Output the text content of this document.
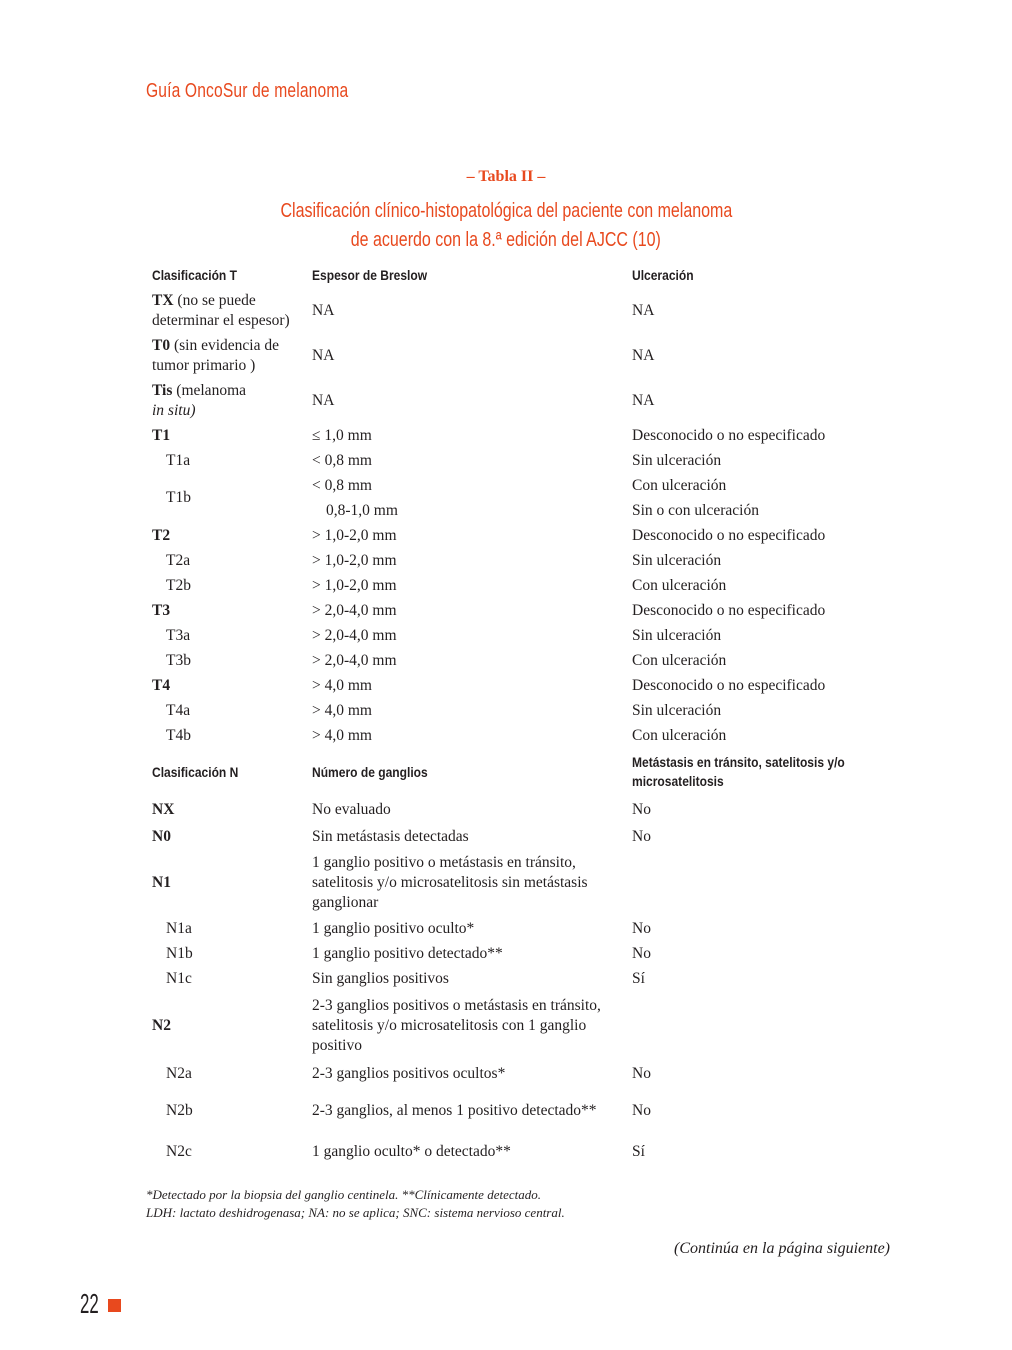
Guía OncoSur de melanoma
– Tabla II –
Clasificación clínico-histopatológica del paciente con melanoma
de acuerdo con la 8.ª edición del AJCC (10)
Clasificación T	Espesor de Breslow	Ulceración
TX (no se puede determinar el espesor)	NA	NA
T0 (sin evidencia de tumor primario )	NA	NA
Tis (melanoma
in situ)	NA	NA
T1	≤ 1,0 mm	Desconocido o no especificado
T1a	< 0,8 mm	Sin ulceración
T1b	< 0,8 mm	Con ulceración
	0,8-1,0 mm	Sin o con ulceración
T2	> 1,0-2,0 mm	Desconocido o no especificado
T2a	> 1,0-2,0 mm	Sin ulceración
T2b	> 1,0-2,0 mm	Con ulceración
T3	> 2,0-4,0 mm	Desconocido o no especificado
T3a	> 2,0-4,0 mm	Sin ulceración
T3b	> 2,0-4,0 mm	Con ulceración
T4	> 4,0 mm	Desconocido o no especificado
T4a	> 4,0 mm	Sin ulceración
T4b	> 4,0 mm	Con ulceración
Clasificación N	Número de ganglios	Metástasis en tránsito, satelitosis y/o microsatelitosis
NX	No evaluado	No
N0	Sin metástasis detectadas	No
N1	1 ganglio positivo o metástasis en tránsito, satelitosis y/o microsatelitosis sin metástasis ganglionar	
N1a	1 ganglio positivo oculto*	No
N1b	1 ganglio positivo detectado**	No
N1c	Sin ganglios positivos	Sí
N2	2-3 ganglios positivos o metástasis en tránsito, satelitosis y/o microsatelitosis con 1 ganglio positivo	
N2a	2-3 ganglios positivos ocultos*	No
N2b	2-3 ganglios, al menos 1 positivo detectado**	No
N2c	1 ganglio oculto* o detectado**	Sí
*Detectado por la biopsia del ganglio centinela. **Clínicamente detectado.
LDH: lactato deshidrogenasa; NA: no se aplica; SNC: sistema nervioso central.
(Continúa en la página siguiente)
22
